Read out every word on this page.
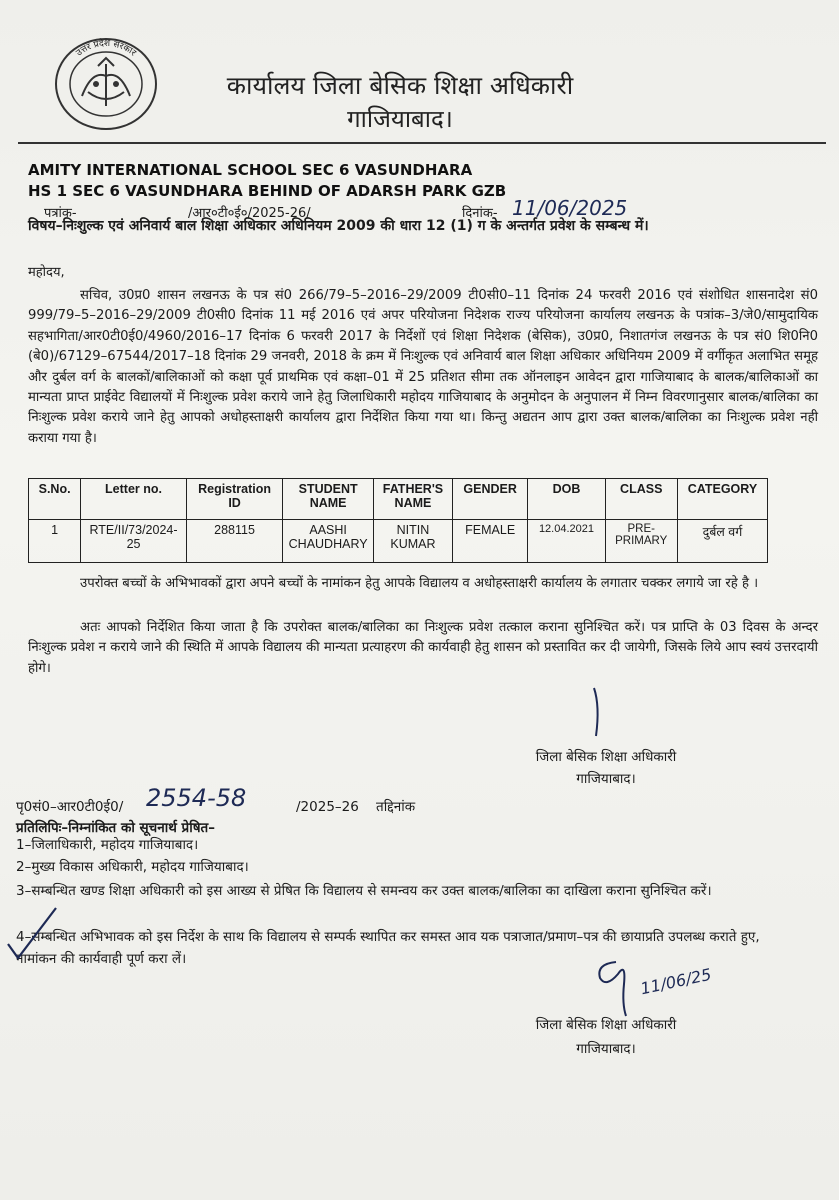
उत्तर प्रदेश सरकार
कार्यालय जिला बेसिक शिक्षा अधिकारी
गाजियाबाद।
AMITY INTERNATIONAL SCHOOL SEC 6 VASUNDHARA
HS 1 SEC 6 VASUNDHARA BEHIND OF ADARSH PARK GZB
पत्रांक-	/आर०टी०ई०/2025-26/	दिनांक- 11/06/2025
विषय–निःशुल्क एवं अनिवार्य बाल शिक्षा अधिकार अधिनियम 2009 की धारा 12 (1) ग के अन्तर्गत प्रवेश के सम्बन्ध में।
महोदय,
सचिव, उ0प्र0 शासन लखनऊ के पत्र सं0 266/79–5–2016–29/2009 टी0सी0–11 दिनांक 24 फरवरी 2016 एवं संशोधित शासनादेश सं0 999/79–5–2016–29/2009 टी0सी0 दिनांक 11 मई 2016 एवं अपर परियोजना निदेशक राज्य परियोजना कार्यालय लखनऊ के पत्रांक–3/जे0/सामुदायिक सहभागिता/आर0टी0ई0/4960/2016–17 दिनांक 6 फरवरी 2017 के निर्देशों एवं शिक्षा निदेशक (बेसिक), उ0प्र0, निशातगंज लखनऊ के पत्र सं0 शि0नि0 (बे0)/67129–67544/2017–18 दिनांक 29 जनवरी, 2018 के क्रम में निःशुल्क एवं अनिवार्य बाल शिक्षा अधिकार अधिनियम 2009 में वर्गीकृत अलाभित समूह और दुर्बल वर्ग के बालकों/बालिकाओं को कक्षा पूर्व प्राथमिक एवं कक्षा–01 में 25 प्रतिशत सीमा तक ऑनलाइन आवेदन द्वारा गाजियाबाद के बालक/बालिकाओं का मान्यता प्राप्त प्राईवेट विद्यालयों में निःशुल्क प्रवेश कराये जाने हेतु जिलाधिकारी महोदय गाजियाबाद के अनुमोदन के अनुपालन में निम्न विवरणानुसार बालक/बालिका का निःशुल्क प्रवेश कराये जाने हेतु आपको अधोहस्ताक्षरी कार्यालय द्वारा निर्देशित किया गया था। किन्तु अद्यतन आप द्वारा उक्त बालक/बालिका का निःशुल्क प्रवेश नही कराया गया है।
S.No.	Letter no.	Registration ID	STUDENT NAME	FATHER'S NAME	GENDER	DOB	CLASS	CATEGORY
1	RTE/II/73/2024-25	288115	AASHI CHAUDHARY	NITIN KUMAR	FEMALE	12.04.2021	PRE-PRIMARY	दुर्बल वर्ग
उपरोक्त बच्चों के अभिभावकों द्वारा अपने बच्चों के नामांकन हेतु आपके विद्यालय व अधोहस्ताक्षरी कार्यालय के लगातार चक्कर लगाये जा रहे है ।
अतः आपको निर्देशित किया जाता है कि उपरोक्त बालक/बालिका का निःशुल्क प्रवेश तत्काल कराना सुनिश्चित करें। पत्र प्राप्ति के 03 दिवस के अन्दर निःशुल्क प्रवेश न कराये जाने की स्थिति में आपके विद्यालय की मान्यता प्रत्याहरण की कार्यवाही हेतु शासन को प्रस्तावित कर दी जायेगी, जिसके लिये आप स्वयं उत्तरदायी होगे।
जिला बेसिक शिक्षा अधिकारी
गाजियाबाद।
पृ0सं0–आर0टी0ई0/ 2554-58	/2025–26 तद्दिनांक
प्रतिलिपिः–निम्नांकित को सूचनार्थ प्रेषित–
1–जिलाधिकारी, महोदय गाजियाबाद।
2–मुख्य विकास अधिकारी, महोदय गाजियाबाद।
3–सम्बन्धित खण्ड शिक्षा अधिकारी को इस आख्य से प्रेषित कि विद्यालय से समन्वय कर उक्त बालक/बालिका का दाखिला कराना सुनिश्चित करें।
4–सम्बन्धित अभिभावक को इस निर्देश के साथ कि विद्यालय से सम्पर्क स्थापित कर समस्त आव यक पत्राजात/प्रमाण–पत्र की छायाप्रति उपलब्ध कराते हुए, नामांकन की कार्यवाही पूर्ण करा लें।
11/06/25
जिला बेसिक शिक्षा अधिकारी
गाजियाबाद।
